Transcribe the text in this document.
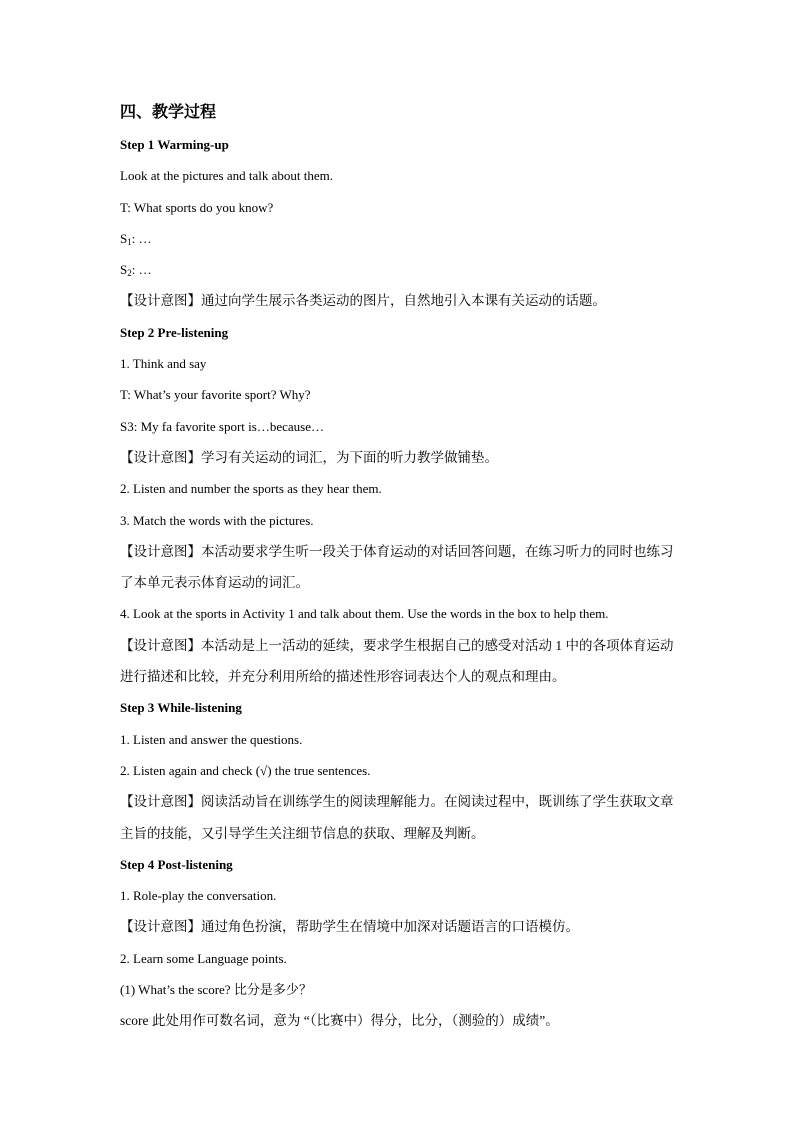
四、教学过程
Step 1 Warming-up
Look at the pictures and talk about them.
T: What sports do you know?
$S_1$: …
$S_2$: …
【设计意图】通过向学生展示各类运动的图片，自然地引入本课有关运动的话题。
Step 2 Pre-listening
1. Think and say
T: What’s your favorite sport? Why?
S3: My fa favorite sport is…because…
【设计意图】学习有关运动的词汇，为下面的听力教学做铺垫。
2. Listen and number the sports as they hear them.
3. Match the words with the pictures.
【设计意图】本活动要求学生听一段关于体育运动的对话回答问题，在练习听力的同时也练习了本单元表示体育运动的词汇。
4. Look at the sports in Activity 1 and talk about them. Use the words in the box to help them.
【设计意图】本活动是上一活动的延续，要求学生根据自己的感受对活动 1 中的各项体育运动进行描述和比较，并充分利用所给的描述性形容词表达个人的观点和理由。
Step 3 While-listening
1. Listen and answer the questions.
2. Listen again and check (√) the true sentences.
【设计意图】阅读活动旨在训练学生的阅读理解能力。在阅读过程中，既训练了学生获取文章主旨的技能，又引导学生关注细节信息的获取、理解及判断。
Step 4 Post-listening
1. Role-play the conversation.
【设计意图】通过角色扮演，帮助学生在情境中加深对话题语言的口语模仿。
2. Learn some Language points.
(1) What’s the score? 比分是多少？
score 此处用作可数名词，意为 “（比赛中）得分，比分，（测验的）成绩”。
